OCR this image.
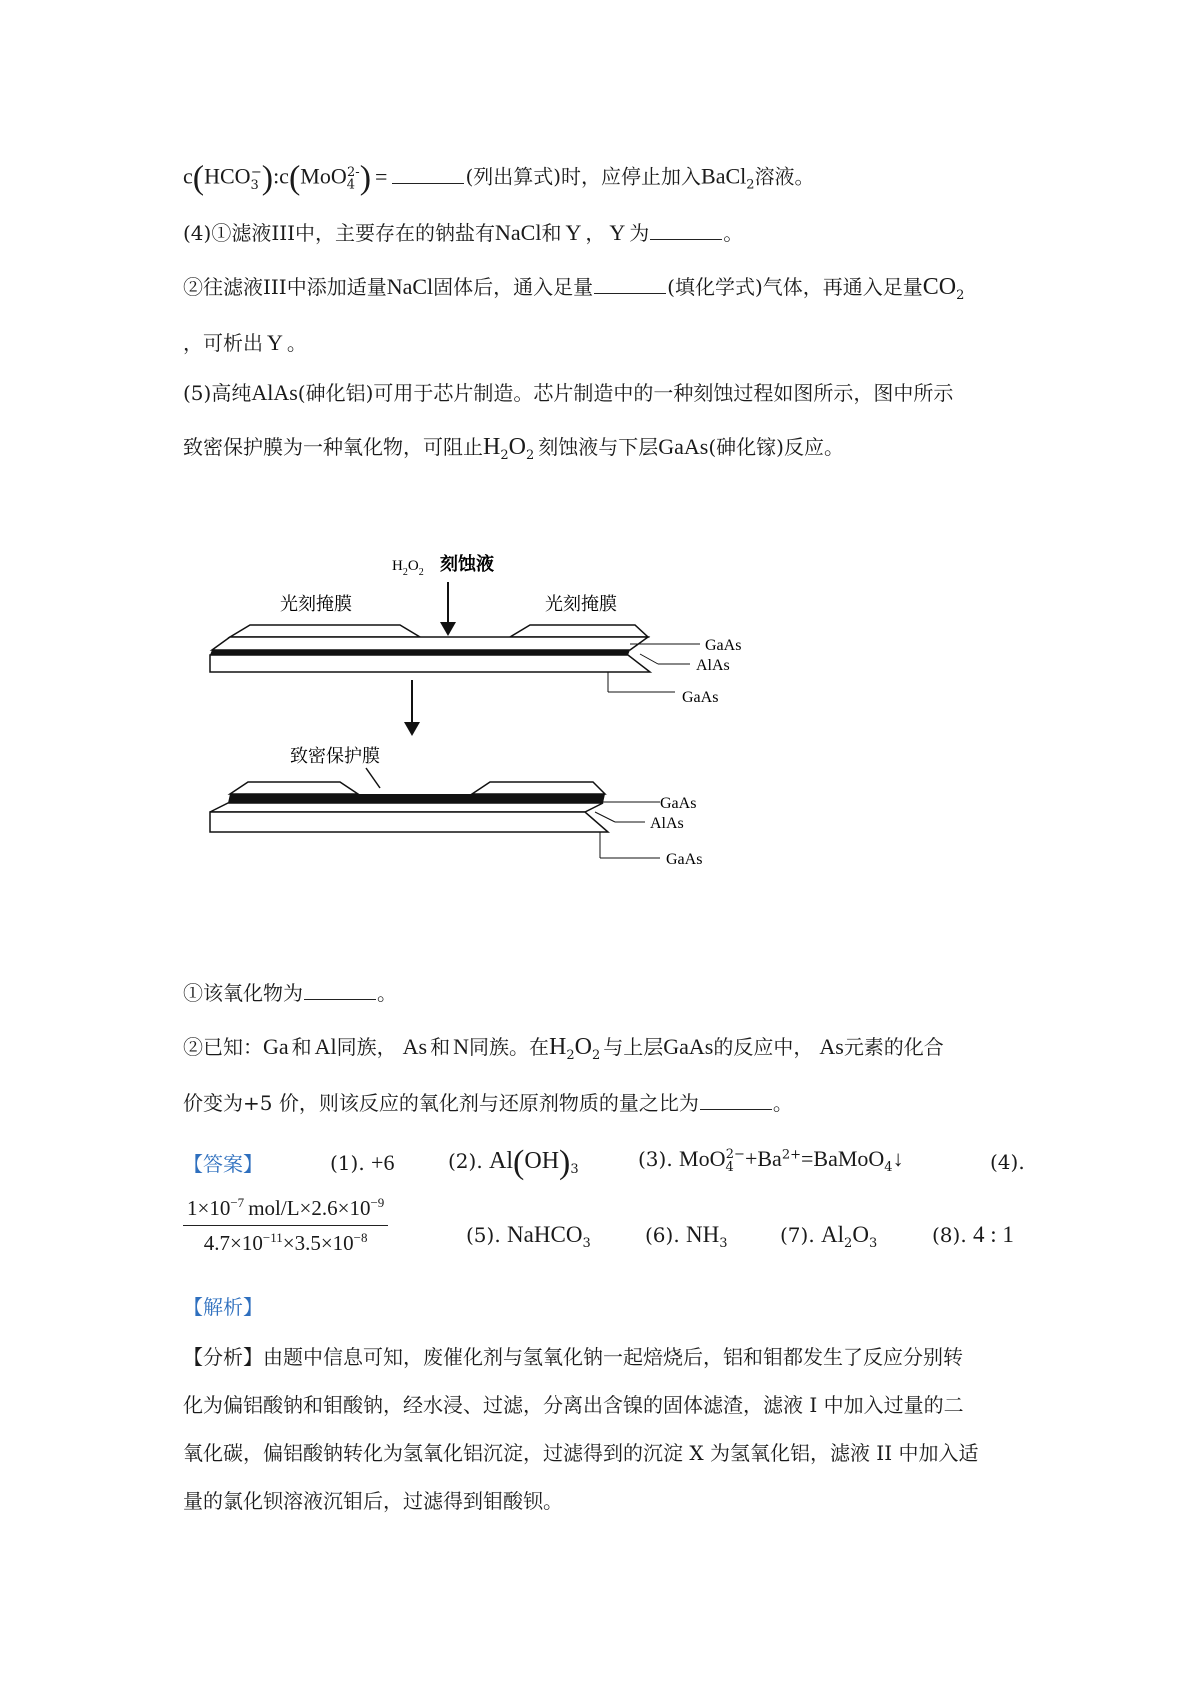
$c(HCO_3^-):c(MoO_4^{2-})$ =	(列出算式)时，应停止加入BaCl$_2$溶液。
(4)①滤液III中，主要存在的钠盐有NaCl和 Y ， Y 为	。
②往滤液III中添加适量NaCl固体后，通入足量	(填化学式)气体，再通入足量$CO_2$
，可析出 Y 。
(5)高纯AlAs(砷化铝)可用于芯片制造。芯片制造中的一种刻蚀过程如图所示，图中所示
致密保护膜为一种氧化物，可阻止$H_2O_2$ 刻蚀液与下层GaAs(砷化镓)反应。
$H_2O_2$ 刻蚀液
光刻掩膜	光刻掩膜
GaAs
AlAs
GaAs
致密保护膜
GaAs
AlAs
GaAs
①该氧化物为	。
②已知：Ga 和 Al同族， As 和 N同族。在$H_2O_2$ 与上层GaAs的反应中， As元素的化合
价变为+5 价，则该反应的氧化剂与还原剂物质的量之比为	。
【答案】	(1). +6	(2). $Al(OH)_3$	(3). $MoO_4^{2-}+Ba^{2+}=BaMoO_4↓$	(4).
$1\times 10^{-7}$ mol/$L\times 2.6\times 10^{-9}$
$4.7\times 10^{-11}\times 3.5\times 10^{-8}$	(5). NaHCO$_3$	(6). $NH_3$	(7). $Al_2O_3$	(8). 4 : 1
【解析】
【分析】由题中信息可知，废催化剂与氢氧化钠一起焙烧后，铝和钼都发生了反应分别转
化为偏铝酸钠和钼酸钠，经水浸、过滤，分离出含镍的固体滤渣，滤液 I 中加入过量的二
氧化碳，偏铝酸钠转化为氢氧化铝沉淀，过滤得到的沉淀 X 为氢氧化铝，滤液 II 中加入适
量的氯化钡溶液沉钼后，过滤得到钼酸钡。
